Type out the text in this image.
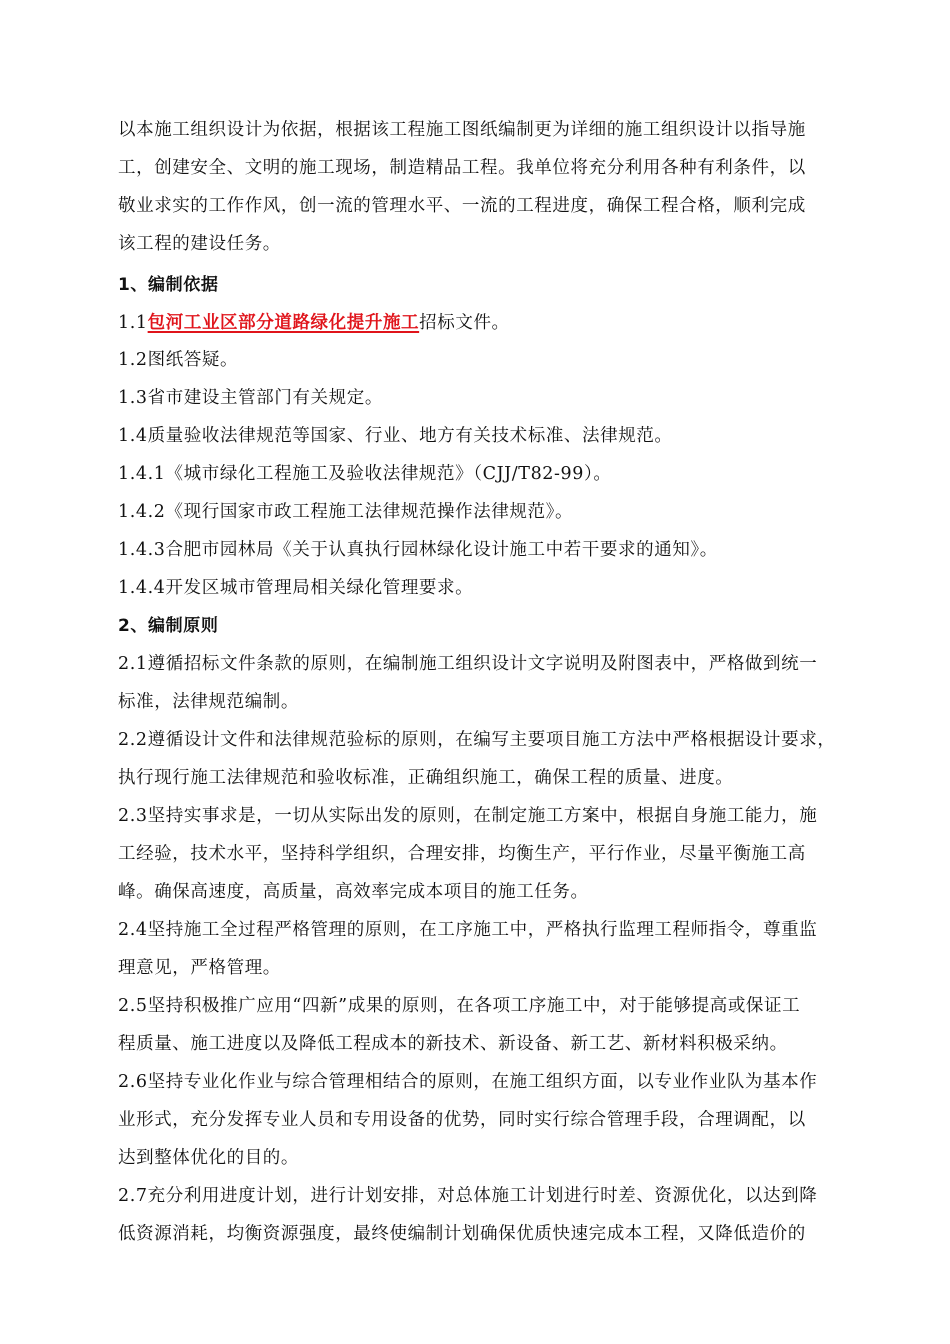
以本施工组织设计为依据，根据该工程施工图纸编制更为详细的施工组织设计以指导施
工，创建安全、文明的施工现场，制造精品工程。我单位将充分利用各种有利条件，以
敬业求实的工作作风，创一流的管理水平、一流的工程进度，确保工程合格，顺利完成
该工程的建设任务。
1、编制依据
1.1包河工业区部分道路绿化提升施工招标文件。
1.2图纸答疑。
1.3省市建设主管部门有关规定。
1.4质量验收法律规范等国家、行业、地方有关技术标准、法律规范。
1.4.1《城市绿化工程施工及验收法律规范》（CJJ/T82-99）。
1.4.2《现行国家市政工程施工法律规范操作法律规范》。
1.4.3合肥市园林局《关于认真执行园林绿化设计施工中若干要求的通知》。
1.4.4开发区城市管理局相关绿化管理要求。
2、编制原则
2.1遵循招标文件条款的原则，在编制施工组织设计文字说明及附图表中，严格做到统一
标准，法律规范编制。
2.2遵循设计文件和法律规范验标的原则，在编写主要项目施工方法中严格根据设计要求，
执行现行施工法律规范和验收标准，正确组织施工，确保工程的质量、进度。
2.3坚持实事求是，一切从实际出发的原则，在制定施工方案中，根据自身施工能力，施
工经验，技术水平，坚持科学组织，合理安排，均衡生产，平行作业，尽量平衡施工高
峰。确保高速度，高质量，高效率完成本项目的施工任务。
2.4坚持施工全过程严格管理的原则，在工序施工中，严格执行监理工程师指令，尊重监
理意见，严格管理。
2.5坚持积极推广应用“四新”成果的原则，在各项工序施工中，对于能够提高或保证工
程质量、施工进度以及降低工程成本的新技术、新设备、新工艺、新材料积极采纳。
2.6坚持专业化作业与综合管理相结合的原则，在施工组织方面，以专业作业队为基本作
业形式，充分发挥专业人员和专用设备的优势，同时实行综合管理手段，合理调配，以
达到整体优化的目的。
2.7充分利用进度计划，进行计划安排，对总体施工计划进行时差、资源优化，以达到降
低资源消耗，均衡资源强度，最终使编制计划确保优质快速完成本工程，又降低造价的
